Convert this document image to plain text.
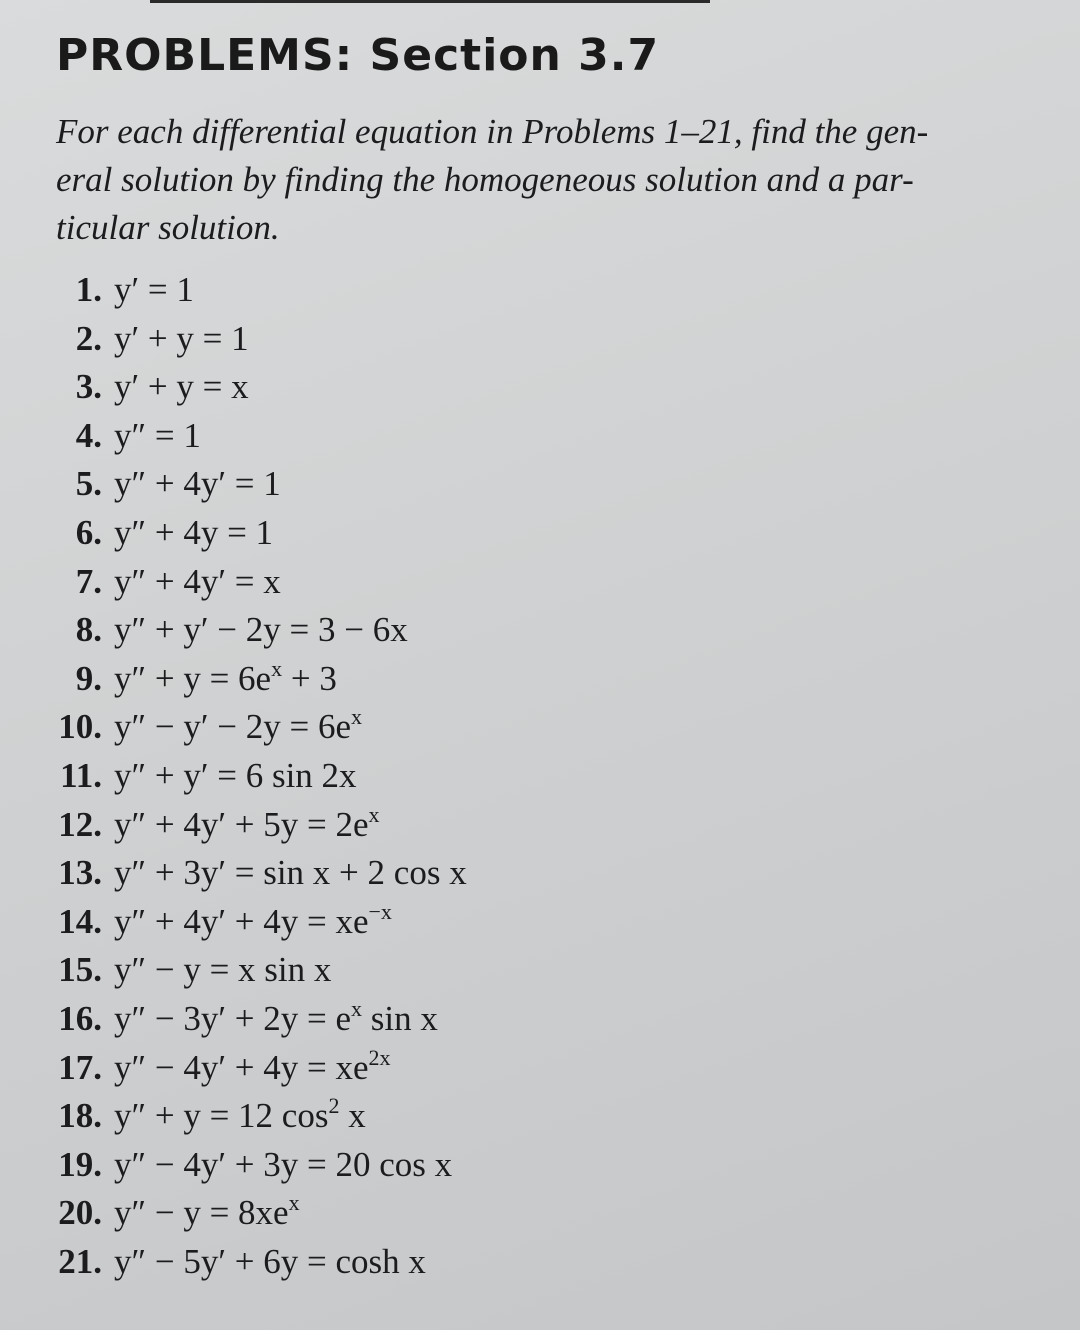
PROBLEMS: Section 3.7

For each differential equation in Problems 1–21, find the gen-
eral solution by finding the homogeneous solution and a par-
ticular solution.

1. y′ = 1
2. y′ + y = 1
3. y′ + y = x
4. y″ = 1
5. y″ + 4y′ = 1
6. y″ + 4y = 1
7. y″ + 4y′ = x
8. y″ + y′ − 2y = 3 − 6x
9. $y'' + y = 6e^x + 3$
10. $y'' - y' - 2y = 6e^x$
11. y″ + y′ = 6 sin 2x
12. $y'' + 4y' + 5y = 2e^x$
13. y″ + 3y′ = sin x + 2 cos x
14. $y'' + 4y' + 4y = xe^{-x}$
15. y″ − y = x sin x
16. $y'' - 3y' + 2y = e^x$ sin x
17. $y'' - 4y' + 4y = xe^{2x}$
18. y″ + y = 12 $\cos^2 x$
19. y″ − 4y′ + 3y = 20 cos x
20. $y'' - y = 8xe^x$
21. y″ − 5y′ + 6y = cosh x
